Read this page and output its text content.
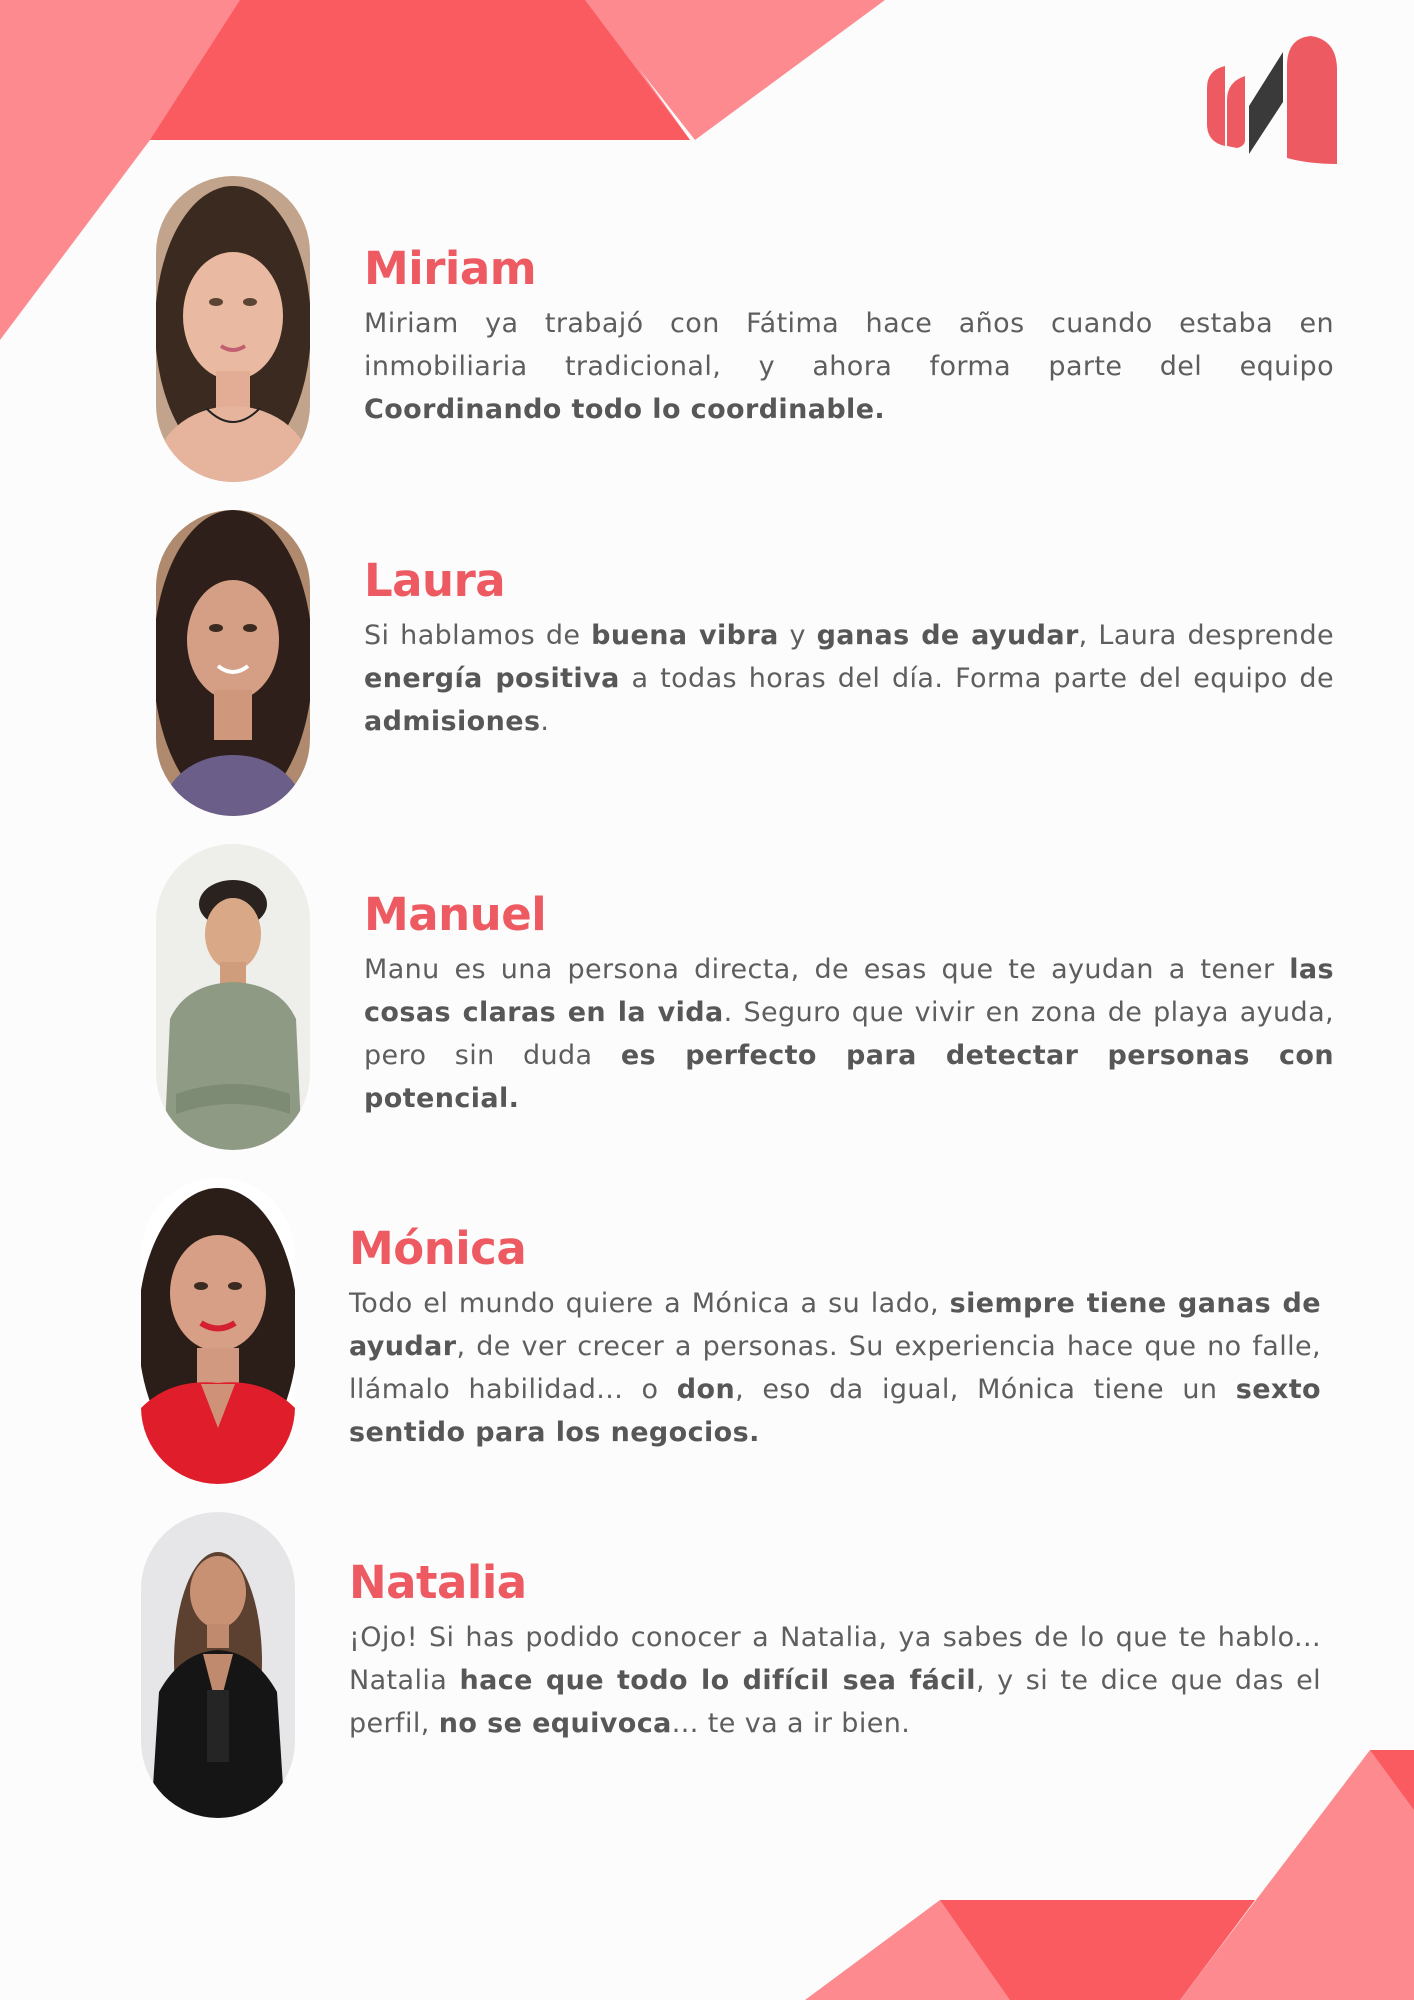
Miriam

Miriam ya trabajó con Fátima hace años cuando estaba en inmobiliaria tradicional, y ahora forma parte del equipo Coordinando todo lo coordinable.

Laura

Si hablamos de buena vibra y ganas de ayudar, Laura desprende energía positiva a todas horas del día. Forma parte del equipo de admisiones.

Manuel

Manu es una persona directa, de esas que te ayudan a tener las cosas claras en la vida. Seguro que vivir en zona de playa ayuda, pero sin duda es perfecto para detectar personas con potencial.

Mónica

Todo el mundo quiere a Mónica a su lado, siempre tiene ganas de ayudar, de ver crecer a personas. Su experiencia hace que no falle, llámalo habilidad... o don, eso da igual, Mónica tiene un sexto sentido para los negocios.

Natalia

¡Ojo! Si has podido conocer a Natalia, ya sabes de lo que te hablo... Natalia hace que todo lo difícil sea fácil, y si te dice que das el perfil, no se equivoca... te va a ir bien.
